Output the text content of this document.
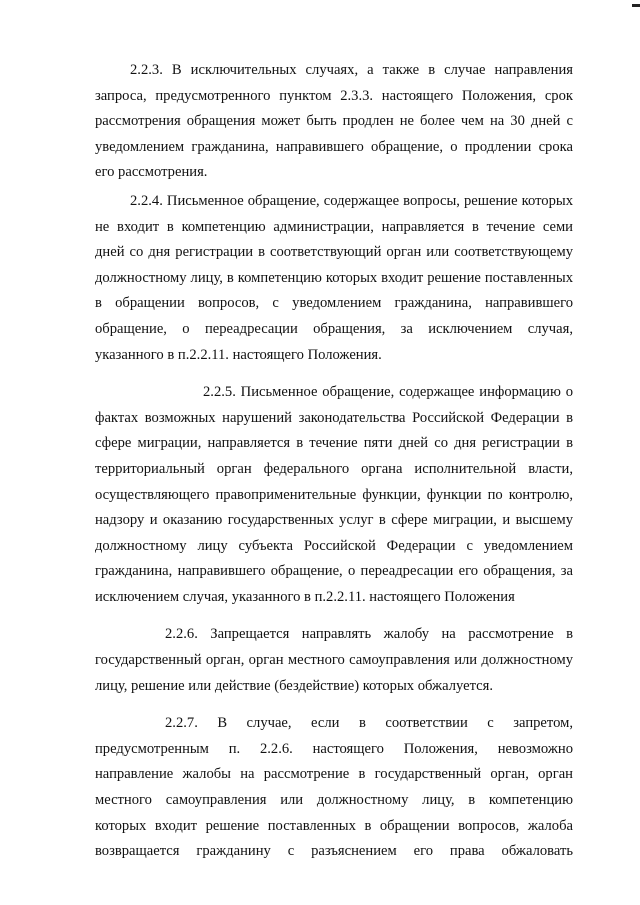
2.2.3. В исключительных случаях, а также в случае направления запроса, предусмотренного пунктом 2.3.3. настоящего Положения, срок рассмотрения обращения может быть продлен не более чем на 30 дней с уведомлением гражданина, направившего обращение, о продлении срока его рассмотрения.

2.2.4. Письменное обращение, содержащее вопросы, решение которых не входит в компетенцию администрации, направляется в течение семи дней со дня регистрации в соответствующий орган или соответствующему должностному лицу, в компетенцию которых входит решение поставленных в обращении вопросов, с уведомлением гражданина, направившего обращение, о переадресации обращения, за исключением случая, указанного в п.2.2.11. настоящего Положения.

2.2.5. Письменное обращение, содержащее информацию о фактах возможных нарушений законодательства Российской Федерации в сфере миграции, направляется в течение пяти дней со дня регистрации в территориальный орган федерального органа исполнительной власти, осуществляющего правоприменительные функции, функции по контролю, надзору и оказанию государственных услуг в сфере миграции, и высшему должностному лицу субъекта Российской Федерации с уведомлением гражданина, направившего обращение, о переадресации его обращения, за исключением случая, указанного в п.2.2.11. настоящего Положения

2.2.6. Запрещается направлять жалобу на рассмотрение в государственный орган, орган местного самоуправления или должностному лицу, решение или действие (бездействие) которых обжалуется.

2.2.7. В случае, если в соответствии с запретом, предусмотренным п. 2.2.6. настоящего Положения, невозможно направление жалобы на рассмотрение в государственный орган, орган местного самоуправления или должностному лицу, в компетенцию которых входит решение поставленных в обращении вопросов, жалоба возвращается гражданину с разъяснением его права обжаловать
